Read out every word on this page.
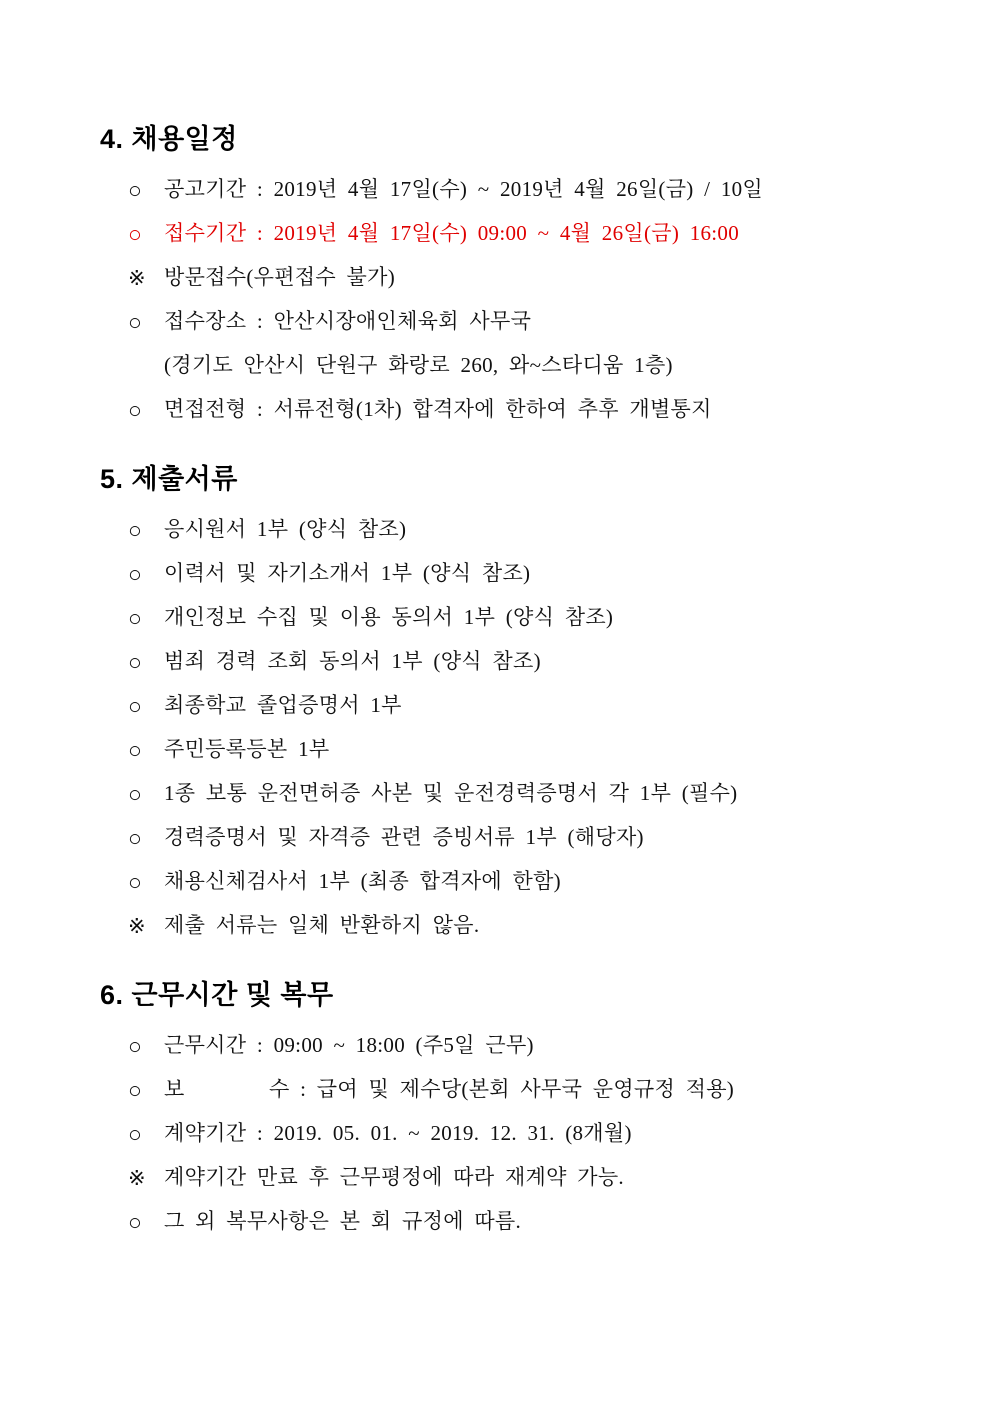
4. 채용일정
○	공고기간 : 2019년 4월 17일(수) ~ 2019년 4월 26일(금) / 10일
○	접수기간 : 2019년 4월 17일(수) 09:00 ~ 4월 26일(금) 16:00
※ 방문접수(우편접수 불가)
○	접수장소 : 안산시장애인체육회 사무국
(경기도 안산시 단원구 화랑로 260, 와~스타디움 1층)
○	면접전형 : 서류전형(1차) 합격자에 한하여 추후 개별통지
5. 제출서류
○	응시원서 1부 (양식 참조)
○	이력서 및 자기소개서 1부 (양식 참조)
○	개인정보 수집 및 이용 동의서 1부 (양식 참조)
○	범죄 경력 조회 동의서 1부 (양식 참조)
○	최종학교 졸업증명서 1부
○	주민등록등본 1부
○	1종 보통 운전면허증 사본 및 운전경력증명서 각 1부 (필수)
○	경력증명서 및 자격증 관련 증빙서류 1부 (해당자)
○	채용신체검사서 1부 (최종 합격자에 한함)
※ 제출 서류는 일체 반환하지 않음.
6. 근무시간 및 복무
○	근무시간 : 09:00 ~ 18:00 (주5일 근무)
○	보        수 : 급여 및 제수당(본회 사무국 운영규정 적용)
○	계약기간 : 2019. 05. 01. ~ 2019. 12. 31. (8개월)
※ 계약기간 만료 후 근무평정에 따라 재계약 가능.
○	그 외 복무사항은 본 회 규정에 따름.
